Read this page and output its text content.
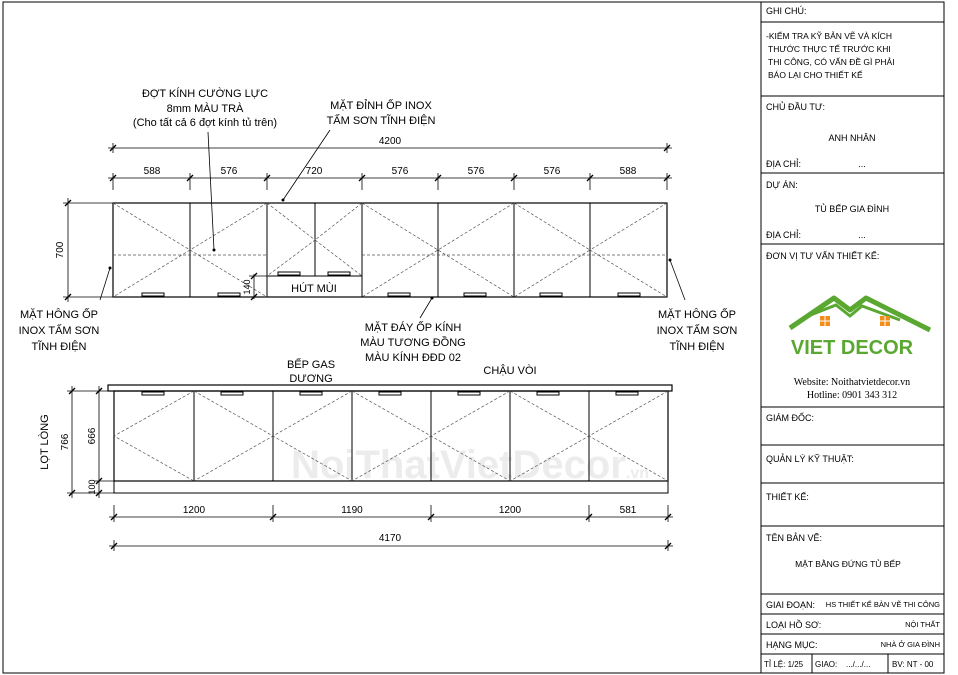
NoiThatVietDecor.vn
HÚT MÙI
4200
588	576	720	576	576	576	588
700
140
ĐỢT KÍNH CƯỜNG LỰC
8mm MÀU TRÀ
(Cho tất cả 6 đợt kính tủ trên)
MẶT ĐỈNH ỐP INOX
TẤM SƠN TĨNH ĐIỆN
MẶT HÔNG ỐP
INOX TẤM SƠN
TĨNH ĐIỆN
MẶT HÔNG ỐP
INOX TẤM SƠN
TĨNH ĐIỆN
MẶT ĐÁY ỐP KÍNH
MÀU TƯƠNG ĐỒNG
MÀU KÍNH ĐĐD 02
BẾP GAS
DƯƠNG
CHẬU VÒI
1200	1190	1200	581
4170
666
100
766
LỌT LÒNG
GHI CHÚ:
-KIỂM TRA KỸ BẢN VẼ VÀ KÍCH
THƯỚC THỰC TẾ TRƯỚC KHI
THI CÔNG, CÓ VẤN ĐỀ GÌ PHẢI
BÁO LẠI CHO THIẾT KẾ
CHỦ ĐẦU TƯ:
ANH NHÂN
ĐỊA CHỈ:	...
DỰ ÁN:
TỦ BẾP GIA ĐÌNH
ĐỊA CHỈ:	...
ĐƠN VỊ TƯ VẤN THIẾT KẾ:
VIET DECOR
Website: Noithatvietdecor.vn
Hotline: 0901 343 312
GIÁM ĐỐC:
QUẢN LÝ KỸ THUẬT:
THIẾT KẾ:
TÊN BẢN VẼ:
MẶT BẰNG ĐỨNG TỦ BẾP
GIAI ĐOẠN: HS THIẾT KẾ BẢN VẼ THI CÔNG
LOẠI HỒ SƠ:	NỘI THẤT
HẠNG MỤC:	NHÀ Ở GIA ĐÌNH
TỈ LỆ: 1/25 GIAO: .../.../...	BV: NT - 00
